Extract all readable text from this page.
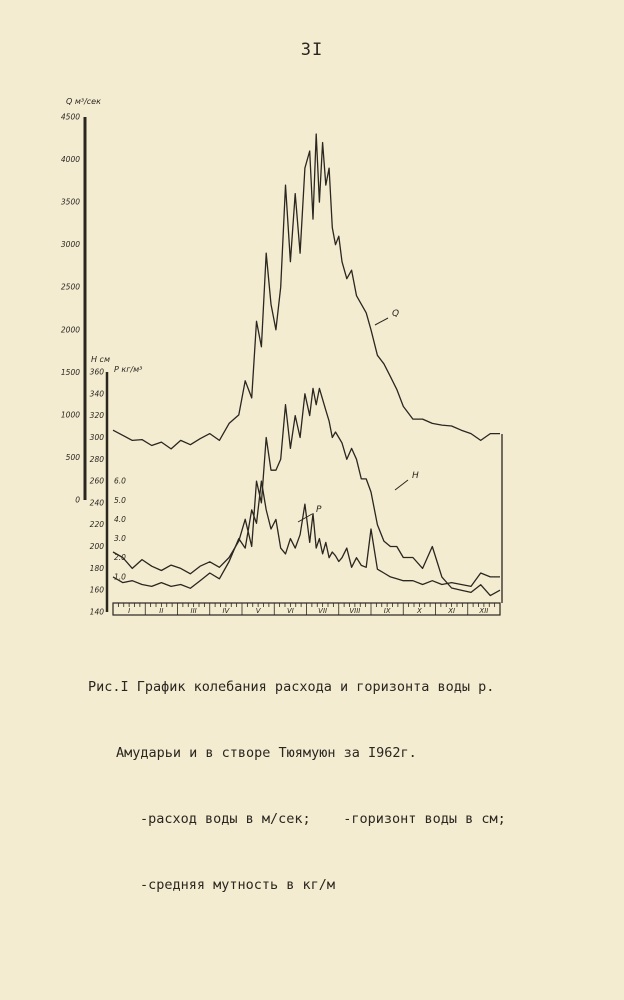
3I
4500
4000
3500
3000
2500
2000
1500
1000
500
0
Q м³/сек
360
340
320
300
280
260
240
220
200
180
160
140
H см
6.0
5.0
4.0
3.0
2.0
1.0
P кг/м³
I	II	III	IV	V	VI	VII	VIII	IX	X	XI	XII
Q
H
P

Рис.I График колебания расхода и горизонта воды р.

Амударьи и в створе Тюямуюн за I962г.

-расход воды в м/сек;    -горизонт воды в см;

-средняя мутность в кг/м
